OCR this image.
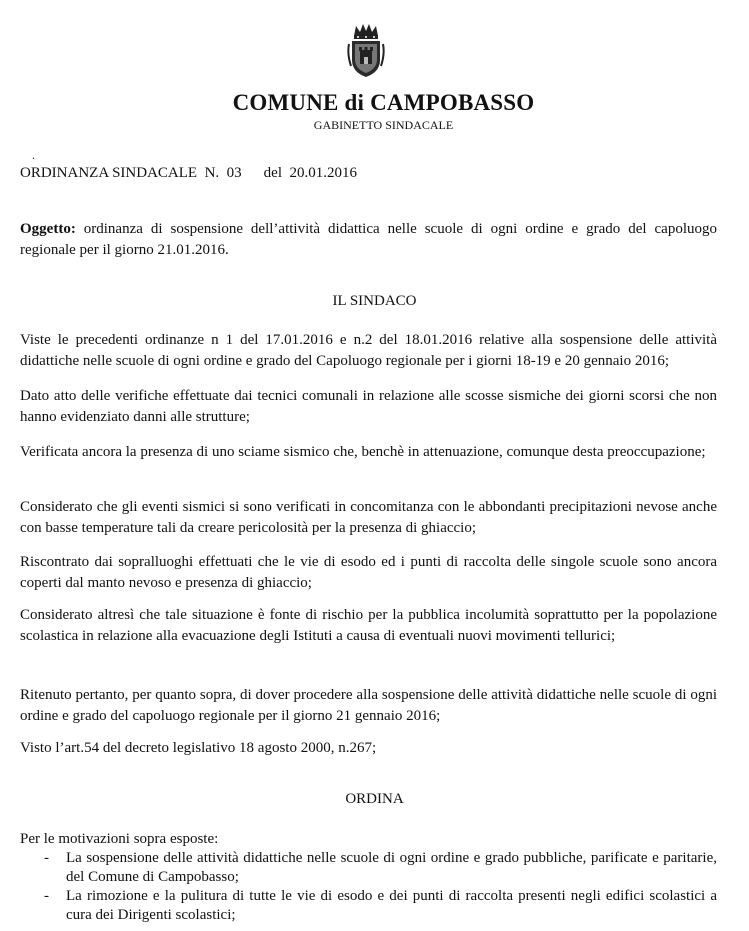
COMUNE di CAMPOBASSO
GABINETTO SINDACALE
.
ORDINANZA SINDACALE  N.  03 del  20.01.2016
Oggetto: ordinanza di sospensione dell’attività didattica nelle scuole di ogni ordine e grado del capoluogo regionale per il giorno 21.01.2016.
IL SINDACO
Viste le precedenti ordinanze n 1 del 17.01.2016 e n.2 del 18.01.2016 relative alla sospensione delle attività didattiche nelle scuole di ogni ordine e grado del Capoluogo regionale per i giorni 18-19 e 20 gennaio 2016;
Dato atto delle verifiche effettuate dai tecnici comunali in relazione alle scosse sismiche dei giorni scorsi che non hanno evidenziato danni alle strutture;
Verificata ancora la presenza di uno sciame sismico che, benchè in attenuazione, comunque desta preoccupazione;
Considerato che gli eventi sismici si sono verificati in concomitanza con le abbondanti precipitazioni nevose anche con basse temperature tali da creare pericolosità per la presenza di ghiaccio;
Riscontrato dai sopralluoghi effettuati che le vie di esodo ed i punti di raccolta delle singole scuole sono ancora coperti dal manto nevoso e presenza di ghiaccio;
Considerato altresì che tale situazione è fonte di rischio per la pubblica incolumità soprattutto per la popolazione scolastica in relazione alla evacuazione degli Istituti a causa di eventuali nuovi movimenti tellurici;
Ritenuto pertanto, per quanto sopra, di dover procedere alla sospensione delle attività didattiche nelle scuole di ogni ordine e grado del capoluogo regionale per il giorno 21 gennaio 2016;
Visto l’art.54 del decreto legislativo 18 agosto 2000, n.267;
ORDINA

Per le motivazioni sopra esposte:

- La sospensione delle attività didattiche nelle scuole di ogni ordine e grado pubbliche, parificate e paritarie, del Comune di Campobasso;
- La rimozione e la pulitura di tutte le vie di esodo e dei punti di raccolta presenti negli edifici scolastici a cura dei Dirigenti scolastici;
